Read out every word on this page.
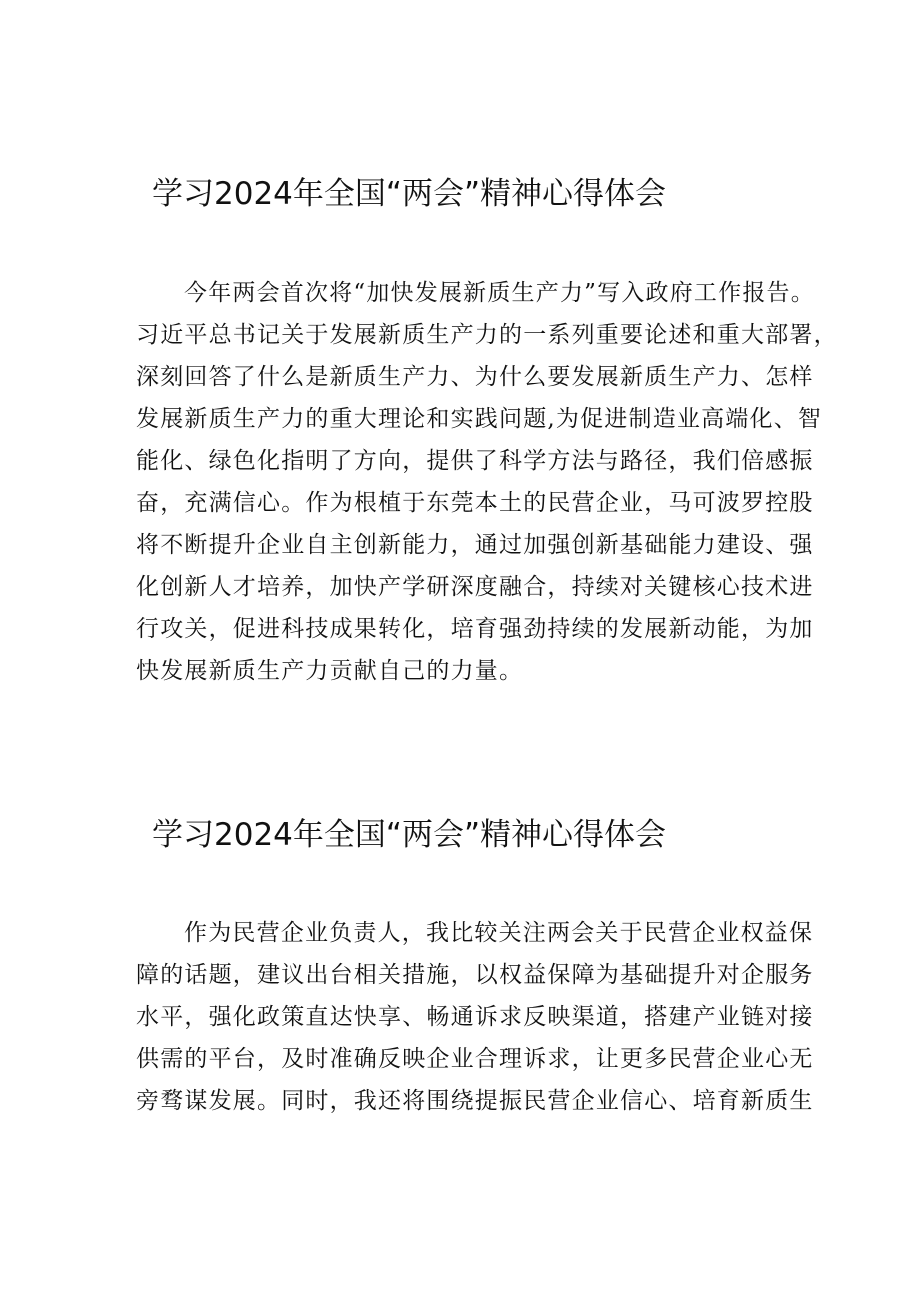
学习2024年全国“两会”精神心得体会
今年两会首次将“加快发展新质生产力”写入政府工作报告。
习近平总书记关于发展新质生产力的一系列重要论述和重大部署，
深刻回答了什么是新质生产力、为什么要发展新质生产力、怎样
发展新质生产力的重大理论和实践问题,为促进制造业高端化、智
能化、绿色化指明了方向，提供了科学方法与路径，我们倍感振
奋，充满信心。作为根植于东莞本土的民营企业，马可波罗控股
将不断提升企业自主创新能力，通过加强创新基础能力建设、强
化创新人才培养，加快产学研深度融合，持续对关键核心技术进
行攻关，促进科技成果转化，培育强劲持续的发展新动能，为加
快发展新质生产力贡献自己的力量。
学习2024年全国“两会”精神心得体会
作为民营企业负责人，我比较关注两会关于民营企业权益保
障的话题，建议出台相关措施，以权益保障为基础提升对企服务
水平，强化政策直达快享、畅通诉求反映渠道，搭建产业链对接
供需的平台，及时准确反映企业合理诉求，让更多民营企业心无
旁骛谋发展。同时，我还将围绕提振民营企业信心、培育新质生
